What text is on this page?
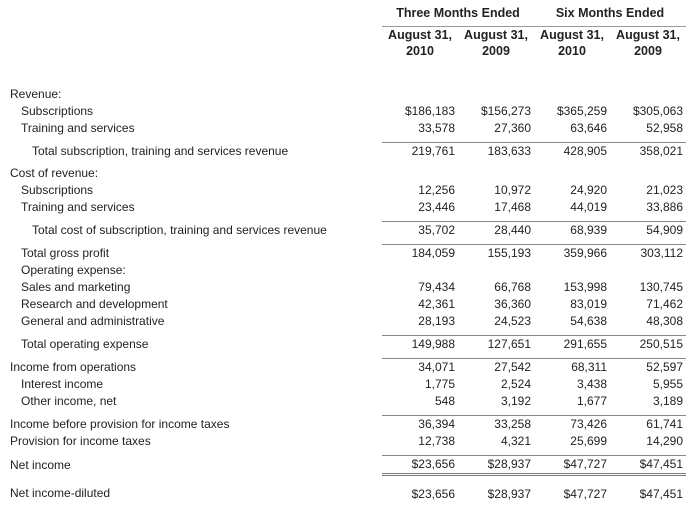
	Three Months Ended		Six Months Ended	
	August 31,	August 31,	August 31,	August 31,
	2010	2009	2010	2009

Revenue:				
Subscriptions	$186,183	$156,273	$365,259	$305,063
Training and services	33,578	27,360	63,646	52,958
Total subscription, training and services revenue	219,761	183,633	428,905	358,021
Cost of revenue:				
Subscriptions	12,256	10,972	24,920	21,023
Training and services	23,446	17,468	44,019	33,886
Total cost of subscription, training and services revenue	35,702	28,440	68,939	54,909
Total gross profit	184,059	155,193	359,966	303,112
Operating expense:				
Sales and marketing	79,434	66,768	153,998	130,745
Research and development	42,361	36,360	83,019	71,462
General and administrative	28,193	24,523	54,638	48,308
Total operating expense	149,988	127,651	291,655	250,515
Income from operations	34,071	27,542	68,311	52,597
Interest income	1,775	2,524	3,438	5,955
Other income, net	548	3,192	1,677	3,189
Income before provision for income taxes	36,394	33,258	73,426	61,741
Provision for income taxes	12,738	4,321	25,699	14,290
Net income	$23,656	$28,937	$47,727	$47,451
Net income-diluted	$23,656	$28,937	$47,727	$47,451
